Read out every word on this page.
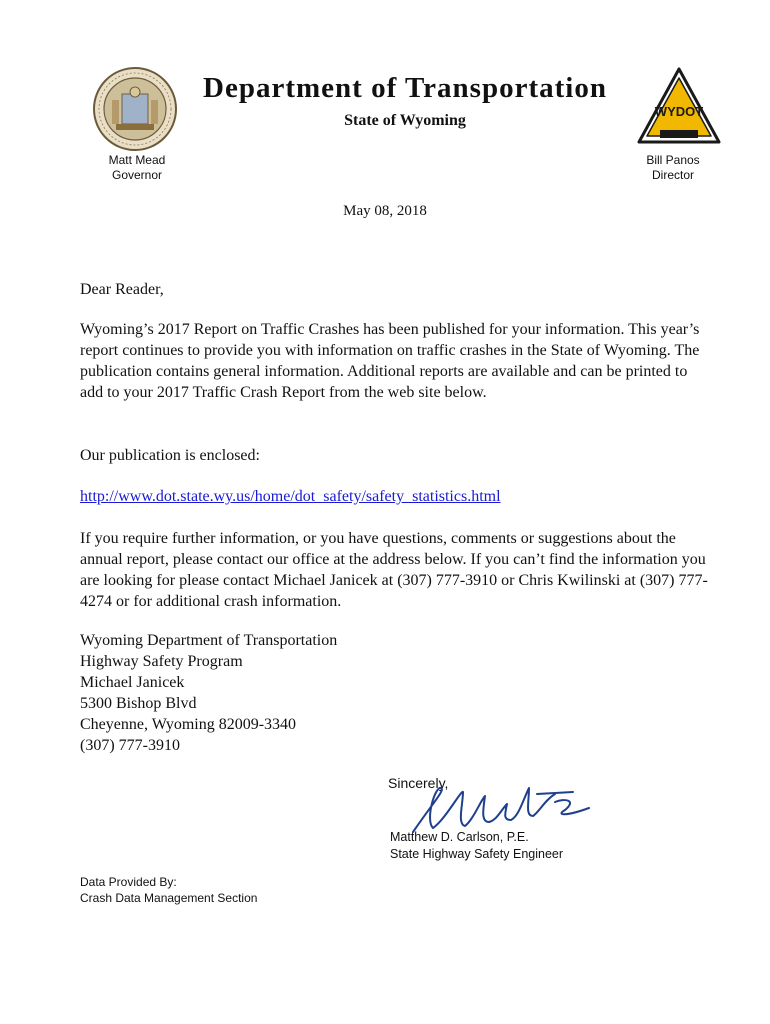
Department of Transportation
State of Wyoming
WYDOT
Matt Mead
Governor
Bill Panos
Director
May 08, 2018
Dear Reader,
Wyoming’s 2017 Report on Traffic Crashes has been published for your information. This year’s report continues to provide you with information on traffic crashes in the State of Wyoming. The publication contains general information. Additional reports are available and can be printed to add to your 2017 Traffic Crash Report from the web site below.
Our publication is enclosed:
http://www.dot.state.wy.us/home/dot_safety/safety_statistics.html
If you require further information, or you have questions, comments or suggestions about the annual report, please contact our office at the address below. If you can’t find the information you are looking for please contact Michael Janicek at (307) 777-3910 or Chris Kwilinski at (307) 777- 4274 or for additional crash information.
Wyoming Department of Transportation
Highway Safety Program
Michael Janicek
5300 Bishop Blvd
Cheyenne, Wyoming 82009-3340
(307) 777-3910
Sincerely,
Matthew D. Carlson, P.E.
State Highway Safety Engineer
Data Provided By:
Crash Data Management Section
